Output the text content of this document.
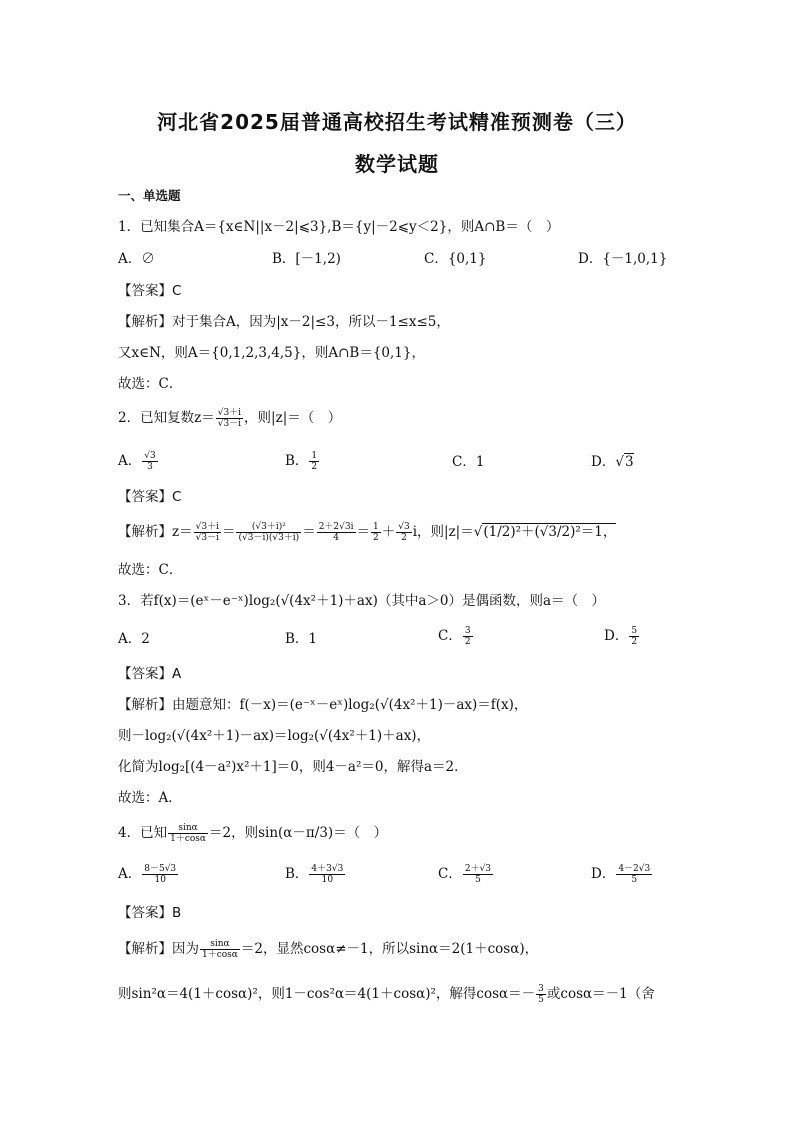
河北省2025届普通高校招生考试精准预测卷（三）
数学试题
一、单选题
1．已知集合A＝{x∈N||x－2|⩽3},B＝{y|－2⩽y＜2}，则A∩B＝（　）
A．∅	B．[－1,2)	C．{0,1}	D．{－1,0,1}
【答案】C
【解析】对于集合A，因为|x－2|≤3，所以－1≤x≤5，
又x∈N，则A＝{0,1,2,3,4,5}，则A∩B＝{0,1}，
故选：C．
2．已知复数$z= \frac{√3+i}{√3-i}$ ，则|z|＝（　）
A． $\frac{√3}{3}$	B． $\frac{1}{2}$	C．1	D．√3
【答案】C
【解析】$z= \frac{√3+i}{√3-i} = \frac{\text{(√3＋i)²}}{(√3-i)(√3+i)} = \frac{2+2√3i}{4} = \frac{1}{2} + \frac{√3}{2}$ i，则|z|＝√(1/2)²＋(√3/2)²＝1，
故选：C．
3．若f(x)＝(eˣ－e⁻ˣ)log₂(√(4x²＋1)＋ax)（其中a＞0）是偶函数，则a＝（　）
A．2	B．1	C． $\frac{3}{2}$	D． $\frac{5}{2}$
【答案】A
【解析】由题意知：f(－x)＝(e⁻ˣ－eˣ)log₂(√(4x²＋1)－ax)＝f(x)，
则－log₂(√(4x²＋1)－ax)＝log₂(√(4x²＋1)＋ax)，
化简为log₂[(4－a²)x²＋1]＝0，则4－a²＝0，解得a＝2．
故选：A．
4．已知 $\frac{\sin\alpha}{1+\cos\alpha} =2$，则sin(α－π/3)＝（　）
A． $\frac{8-5√3}{10}$	B． $\frac{4+3√3}{10}$	C． $\frac{2+√3}{5}$	D． $\frac{4-2√3}{5}$
【答案】B
【解析】因为 $\frac{\sin\alpha}{1+\cos\alpha} =2$，显然cosα≠－1，所以sinα＝2(1＋cosα)，
则sin²α＝4(1＋cosα)²，则1－cos²α＝4(1＋cosα)²，解得$\cos\alpha=- \frac{3}{5}$ 或cosα＝－1（舍
